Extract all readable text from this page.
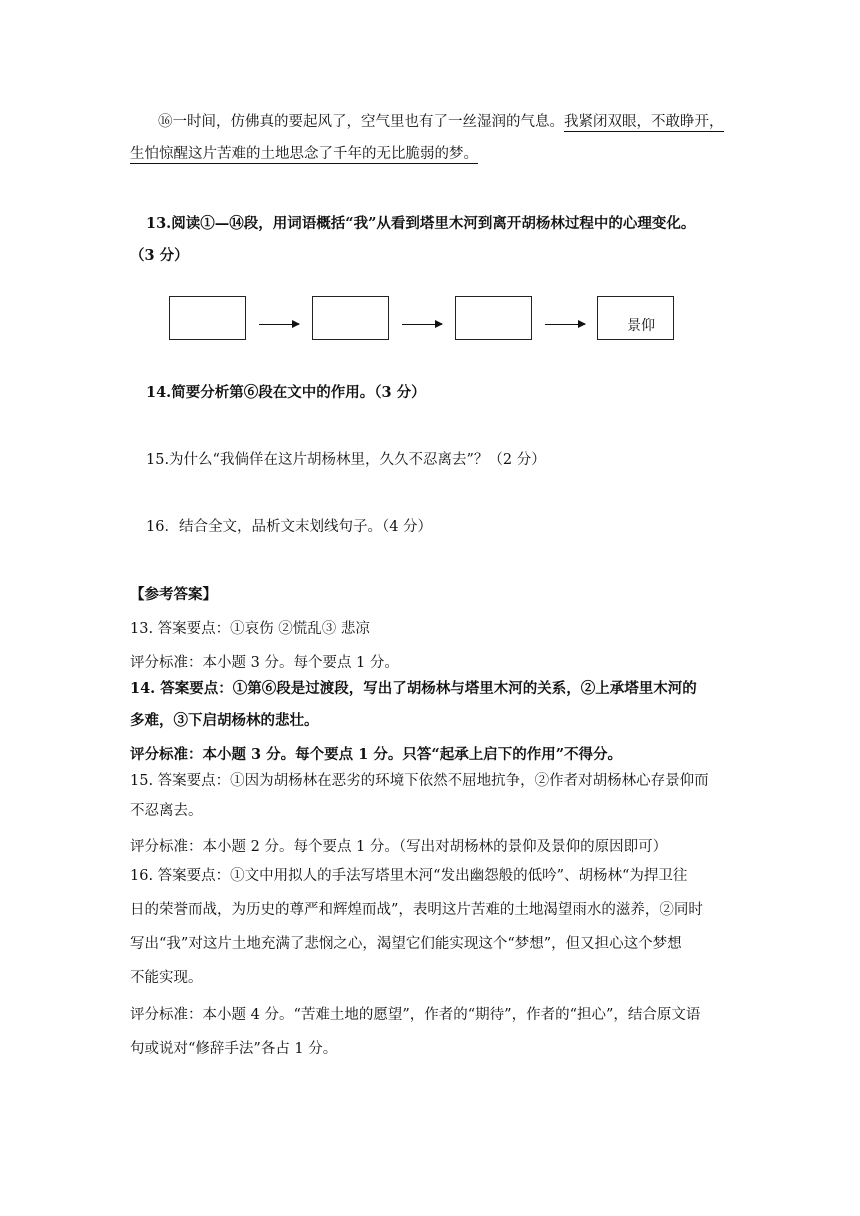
⑯一时间，仿佛真的要起风了，空气里也有了一丝湿润的气息。我紧闭双眼，不敢睁开，
生怕惊醒这片苦难的土地思念了千年的无比脆弱的梦。
13.阅读①—⑭段，用词语概括“我”从看到塔里木河到离开胡杨林过程中的心理变化。
（3 分）
景仰
14.简要分析第⑥段在文中的作用。（3 分）
15.为什么“我倘佯在这片胡杨林里，久久不忍离去”？（2 分）
16．结合全文，品析文末划线句子。（4 分）
【参考答案】
13. 答案要点：①哀伤 ②慌乱③ 悲凉
评分标准：本小题 3 分。每个要点 1 分。
14. 答案要点：①第⑥段是过渡段，写出了胡杨林与塔里木河的关系，②上承塔里木河的
多难，③下启胡杨林的悲壮。
评分标准：本小题 3 分。每个要点 1 分。只答“起承上启下的作用”不得分。
15. 答案要点：①因为胡杨林在恶劣的环境下依然不屈地抗争，②作者对胡杨林心存景仰而
不忍离去。
评分标准：本小题 2 分。每个要点 1 分。（写出对胡杨林的景仰及景仰的原因即可）
16. 答案要点：①文中用拟人的手法写塔里木河“发出幽怨般的低吟”、胡杨林“为捍卫往
日的荣誉而战，为历史的尊严和辉煌而战”，表明这片苦难的土地渴望雨水的滋养，②同时
写出“我”对这片土地充满了悲悯之心，渴望它们能实现这个“梦想”，但又担心这个梦想
不能实现。
评分标准：本小题 4 分。“苦难土地的愿望”，作者的“期待”，作者的“担心”，结合原文语
句或说对“修辞手法”各占 1 分。
